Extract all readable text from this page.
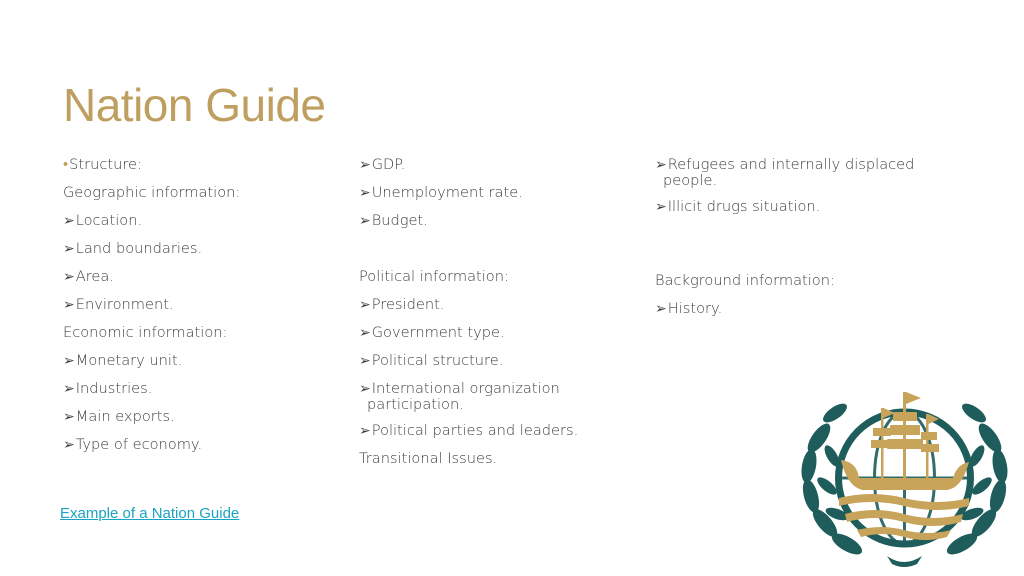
Nation Guide
•Structure:
Geographic information:
➢Location.
➢Land boundaries.
➢Area.
➢Environment.
Economic information:
➢Monetary unit.
➢Industries.
➢Main exports.
➢Type of economy.
➢GDP.
➢Unemployment rate.
➢Budget.
Political information:
➢President.
➢Government type.
➢Political structure.
➢International organization
participation.
➢Political parties and leaders.
Transitional Issues.
➢Refugees and internally displaced
people.
➢Illicit drugs situation.
Background information:
➢History.
Example of a Nation Guide
